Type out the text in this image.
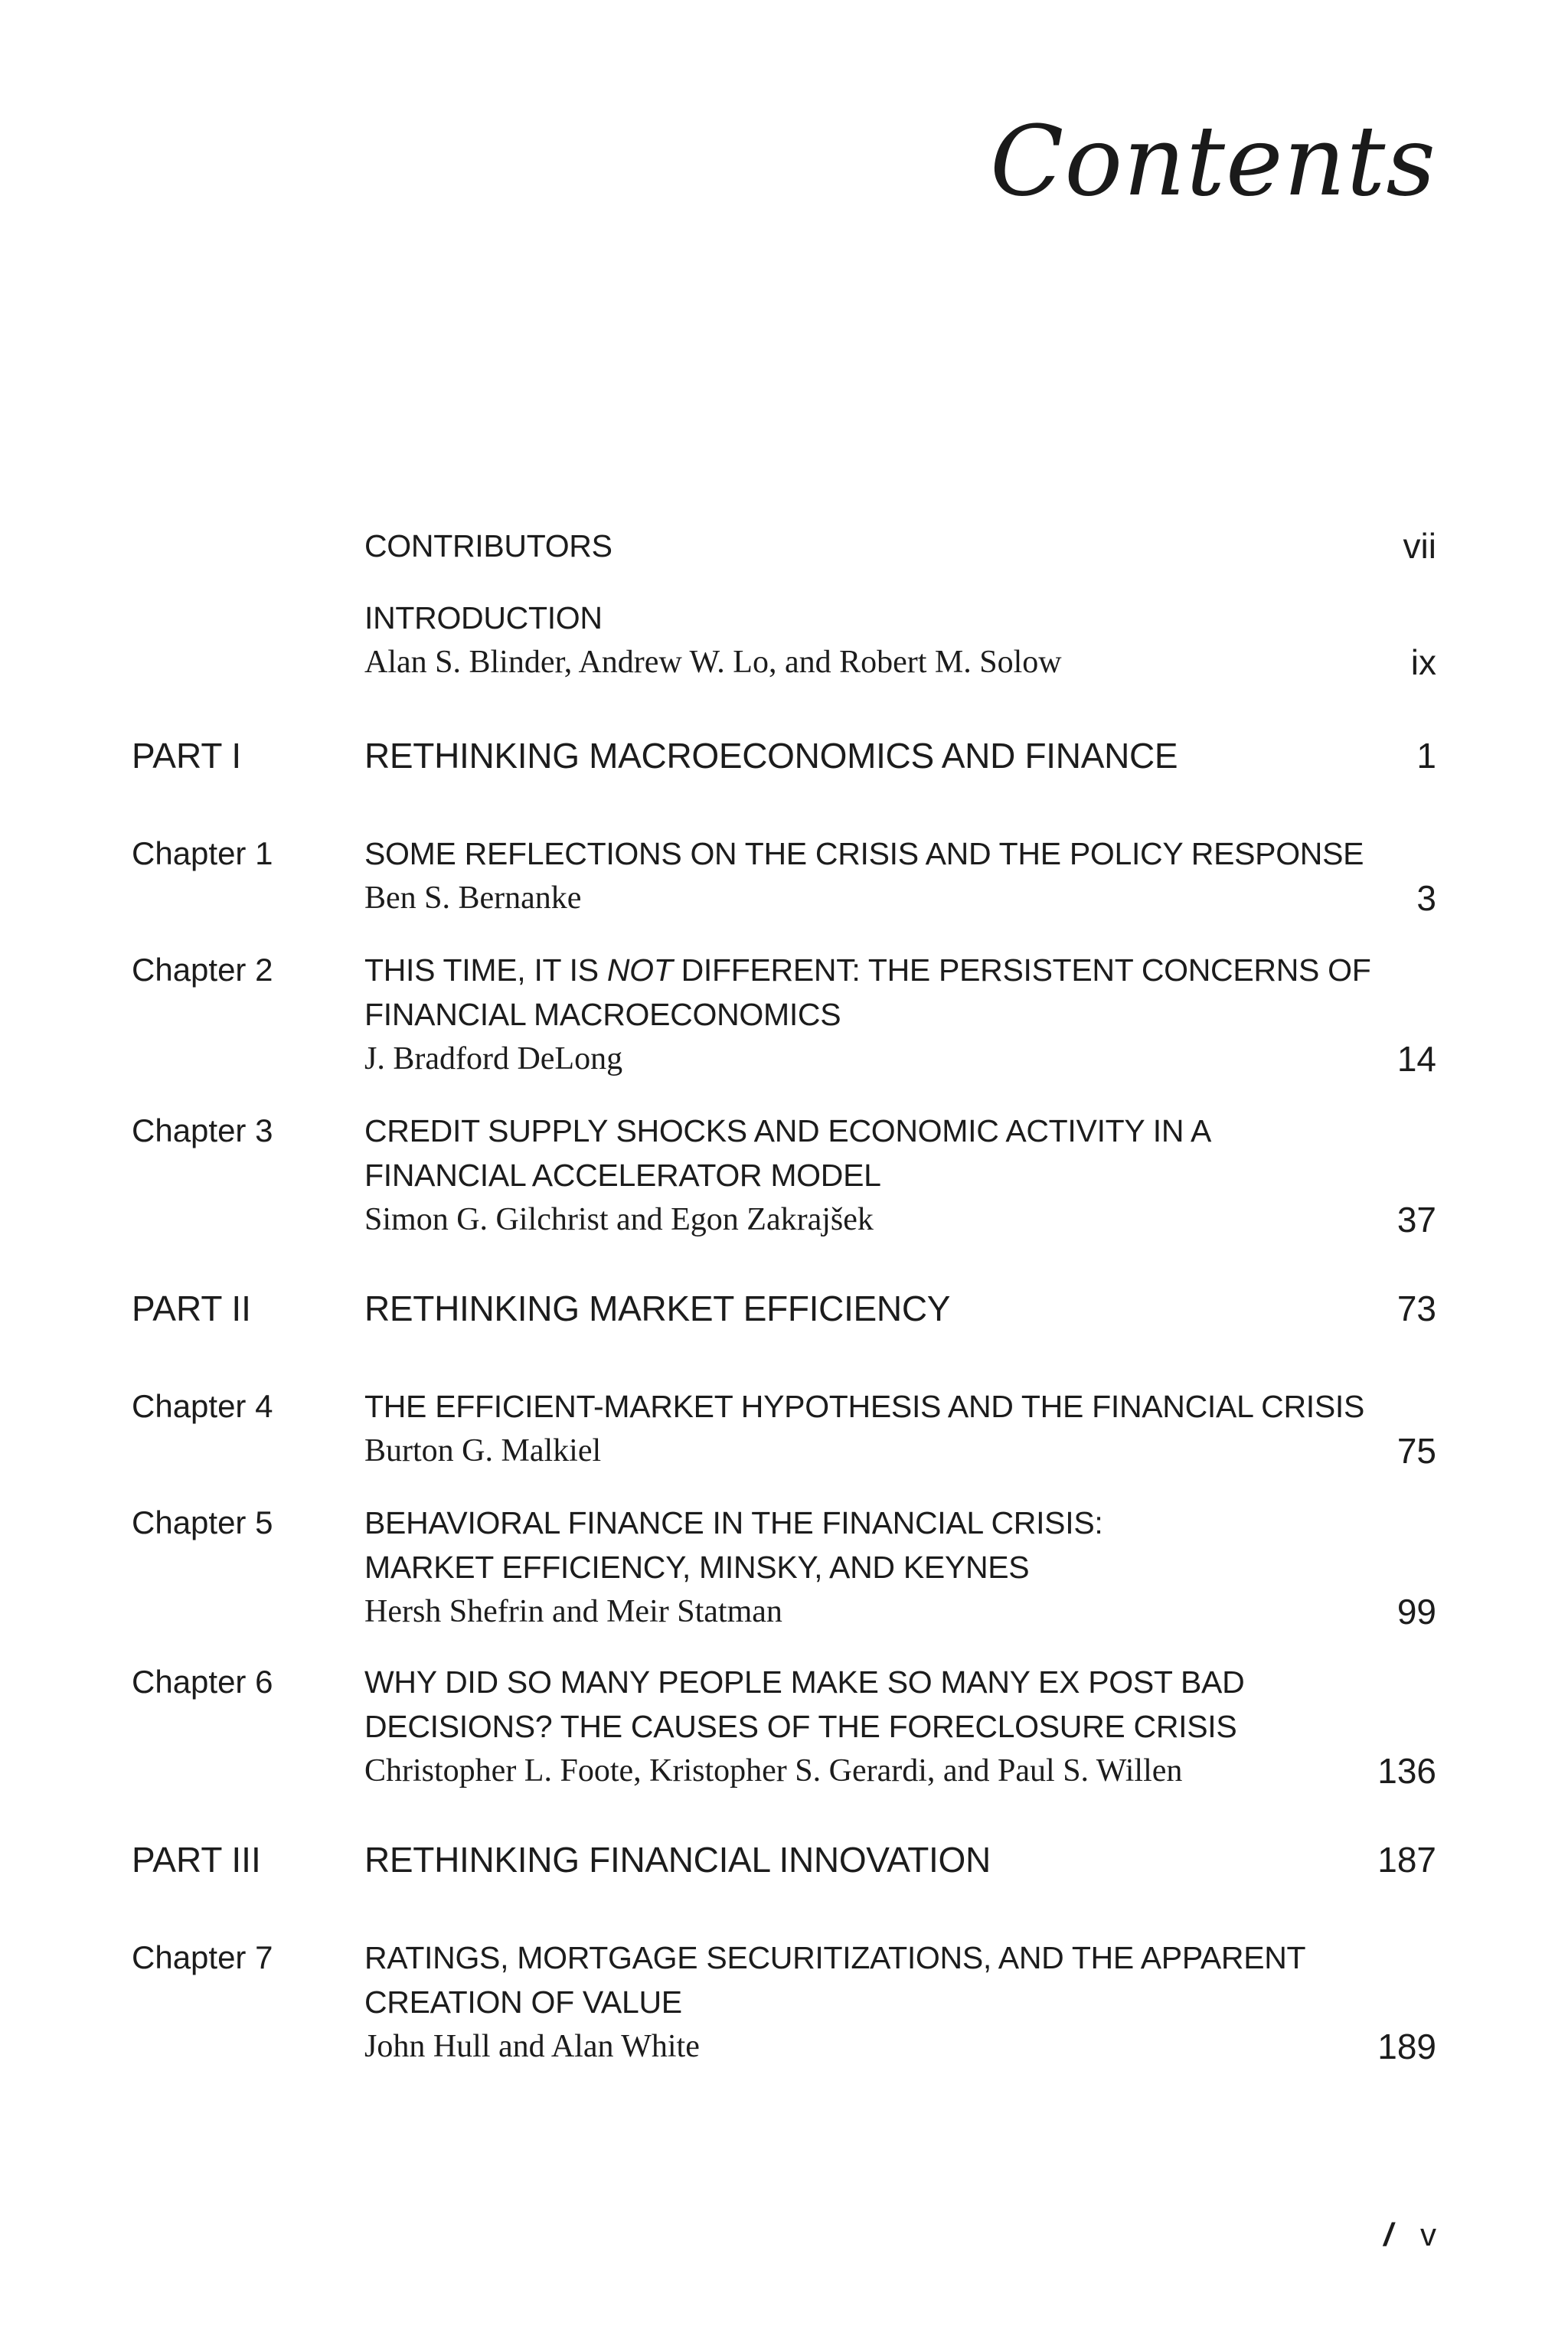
Contents
CONTRIBUTORS	vii
INTRODUCTION
Alan S. Blinder, Andrew W. Lo, and Robert M. Solow	ix
PART I	RETHINKING MACROECONOMICS AND FINANCE	1
Chapter 1	SOME REFLECTIONS ON THE CRISIS AND THE POLICY RESPONSE
Ben S. Bernanke	3
Chapter 2	THIS TIME, IT IS NOT DIFFERENT: THE PERSISTENT CONCERNS OF
FINANCIAL MACROECONOMICS
J. Bradford DeLong	14
Chapter 3	CREDIT SUPPLY SHOCKS AND ECONOMIC ACTIVITY IN A
FINANCIAL ACCELERATOR MODEL
Simon G. Gilchrist and Egon Zakrajšek	37
PART II	RETHINKING MARKET EFFICIENCY	73
Chapter 4	THE EFFICIENT-MARKET HYPOTHESIS AND THE FINANCIAL CRISIS
Burton G. Malkiel	75
Chapter 5	BEHAVIORAL FINANCE IN THE FINANCIAL CRISIS:
MARKET EFFICIENCY, MINSKY, AND KEYNES
Hersh Shefrin and Meir Statman	99
Chapter 6	WHY DID SO MANY PEOPLE MAKE SO MANY EX POST BAD
DECISIONS? THE CAUSES OF THE FORECLOSURE CRISIS
Christopher L. Foote, Kristopher S. Gerardi, and Paul S. Willen	136
PART III	RETHINKING FINANCIAL INNOVATION	187
Chapter 7	RATINGS, MORTGAGE SECURITIZATIONS, AND THE APPARENT
CREATION OF VALUE
John Hull and Alan White	189
/ v
